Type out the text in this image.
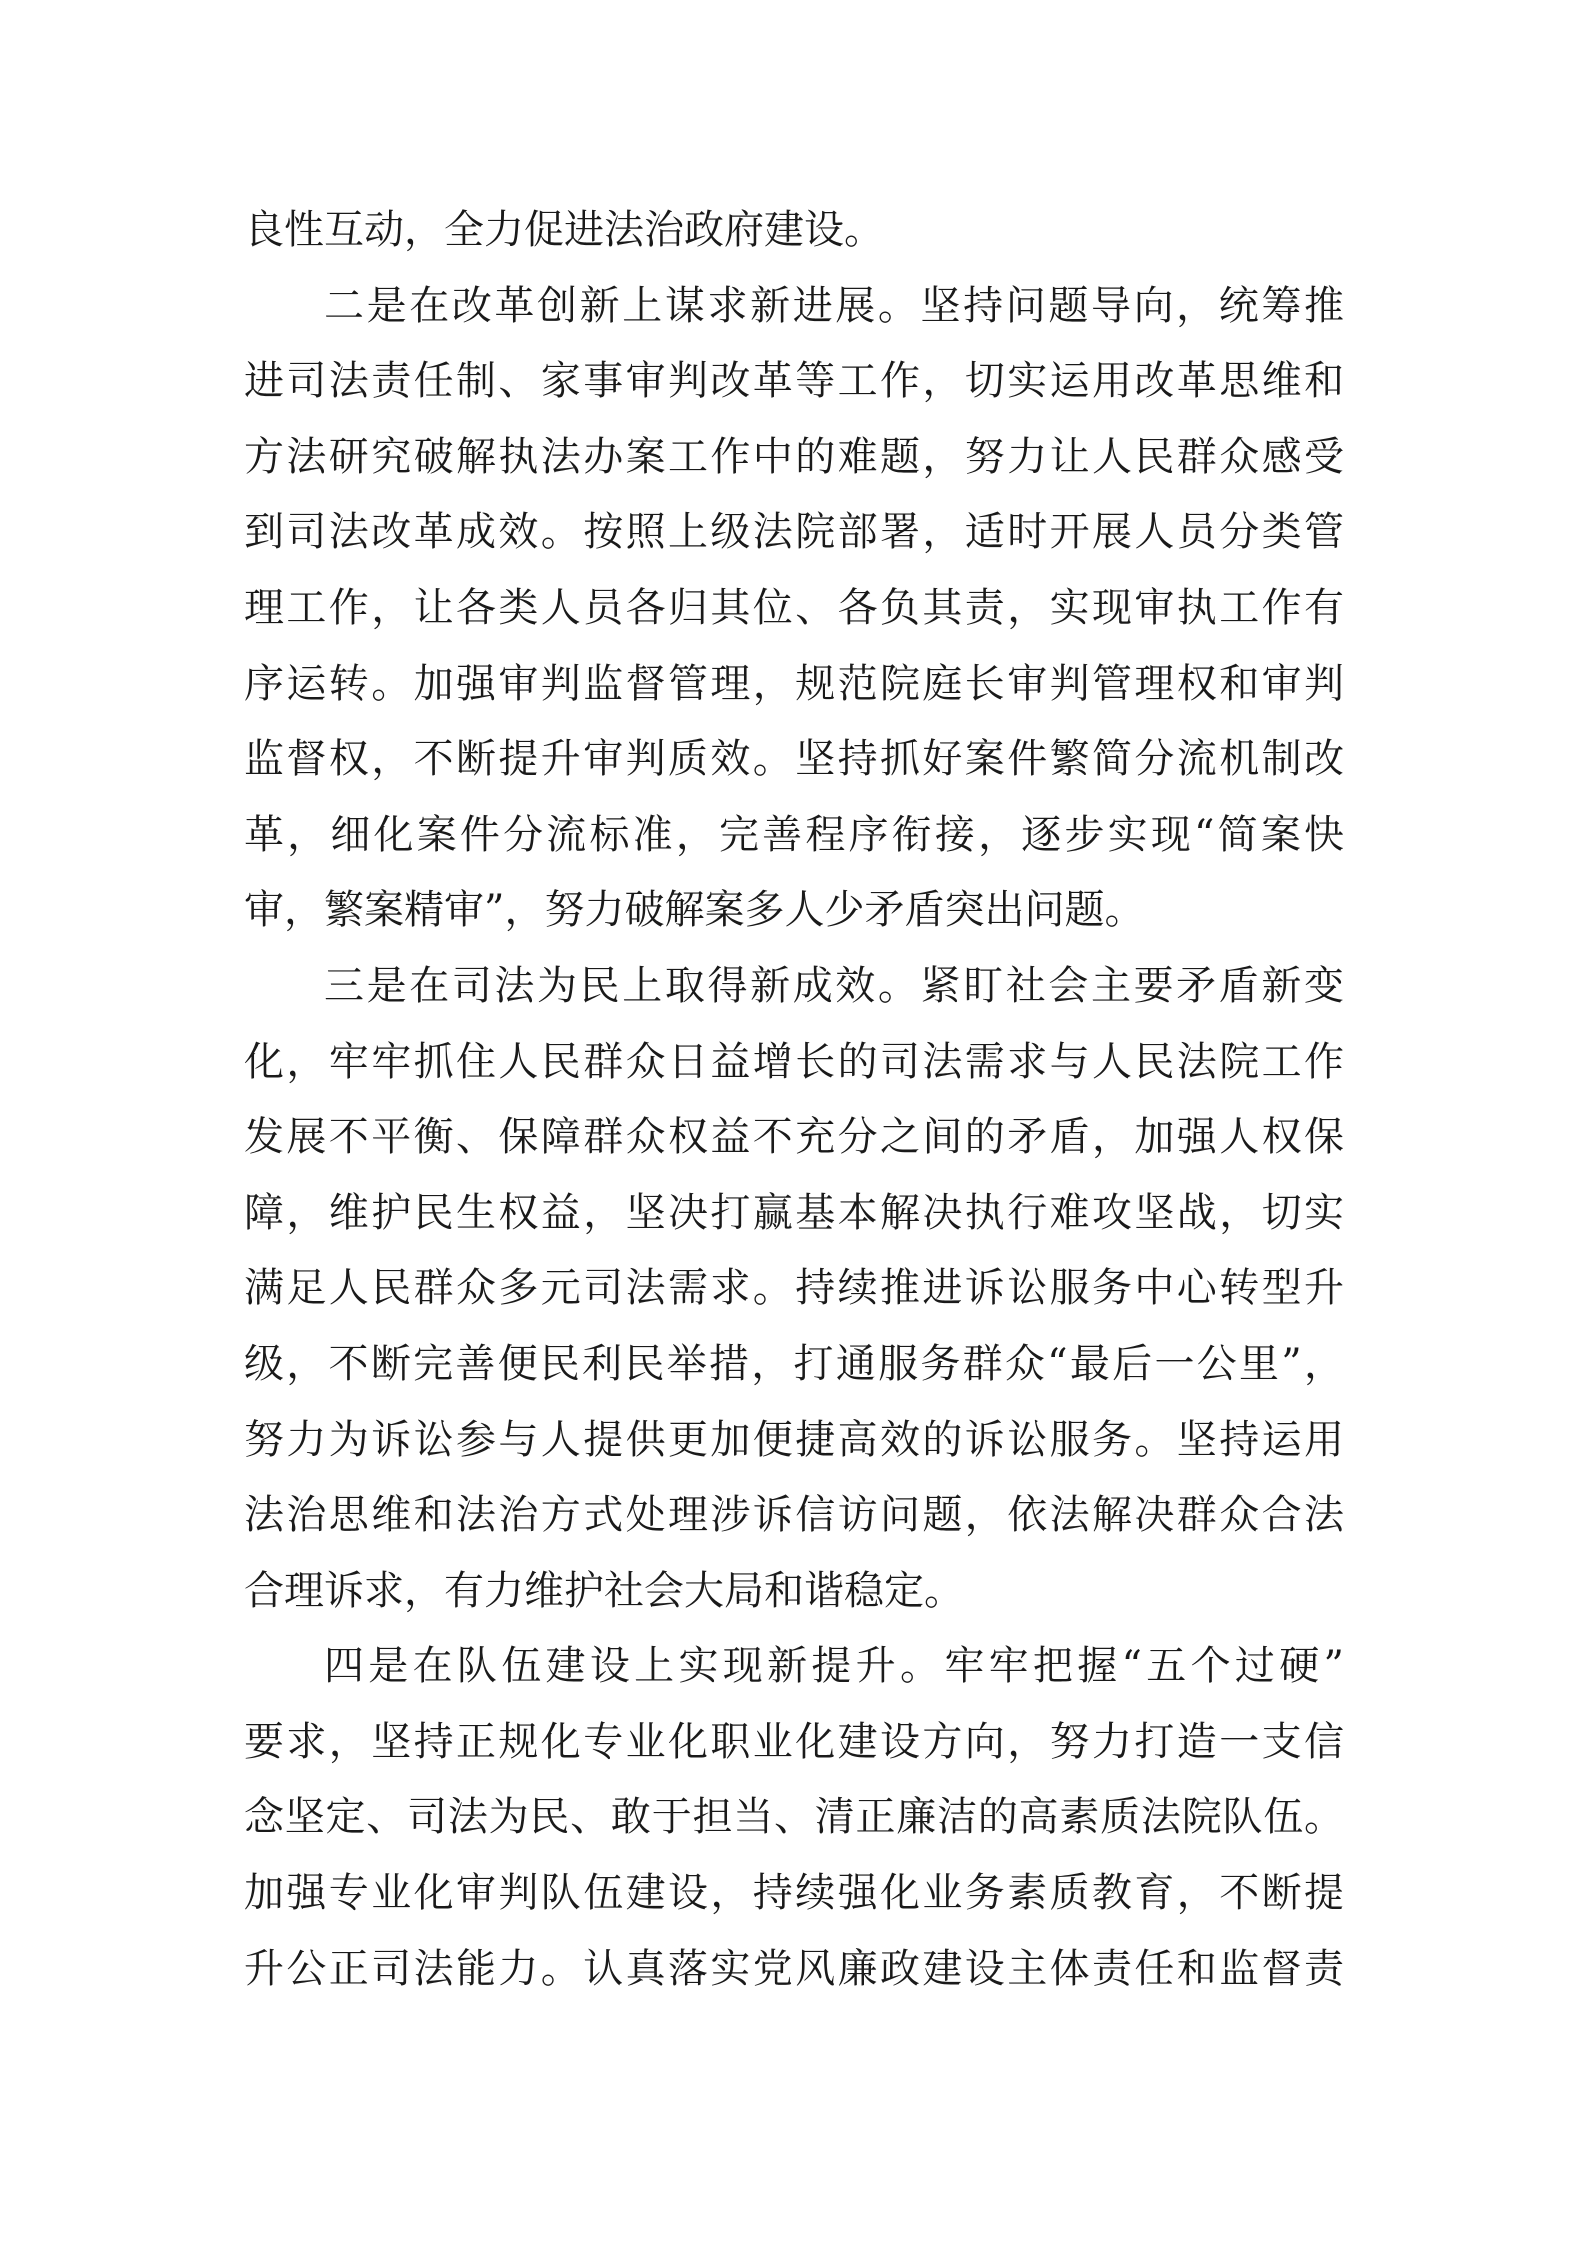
良性互动，全力促进法治政府建设。
二是在改革创新上谋求新进展。坚持问题导向，统筹推
进司法责任制、家事审判改革等工作，切实运用改革思维和
方法研究破解执法办案工作中的难题，努力让人民群众感受
到司法改革成效。按照上级法院部署，适时开展人员分类管
理工作，让各类人员各归其位、各负其责，实现审执工作有
序运转。加强审判监督管理，规范院庭长审判管理权和审判
监督权，不断提升审判质效。坚持抓好案件繁简分流机制改
革，细化案件分流标准，完善程序衔接，逐步实现“简案快
审，繁案精审”，努力破解案多人少矛盾突出问题。
三是在司法为民上取得新成效。紧盯社会主要矛盾新变
化，牢牢抓住人民群众日益增长的司法需求与人民法院工作
发展不平衡、保障群众权益不充分之间的矛盾，加强人权保
障，维护民生权益，坚决打赢基本解决执行难攻坚战，切实
满足人民群众多元司法需求。持续推进诉讼服务中心转型升
级，不断完善便民利民举措，打通服务群众“最后一公里”，
努力为诉讼参与人提供更加便捷高效的诉讼服务。坚持运用
法治思维和法治方式处理涉诉信访问题，依法解决群众合法
合理诉求，有力维护社会大局和谐稳定。
四是在队伍建设上实现新提升。牢牢把握“五个过硬”
要求，坚持正规化专业化职业化建设方向，努力打造一支信
念坚定、司法为民、敢于担当、清正廉洁的高素质法院队伍。
加强专业化审判队伍建设，持续强化业务素质教育，不断提
升公正司法能力。认真落实党风廉政建设主体责任和监督责
